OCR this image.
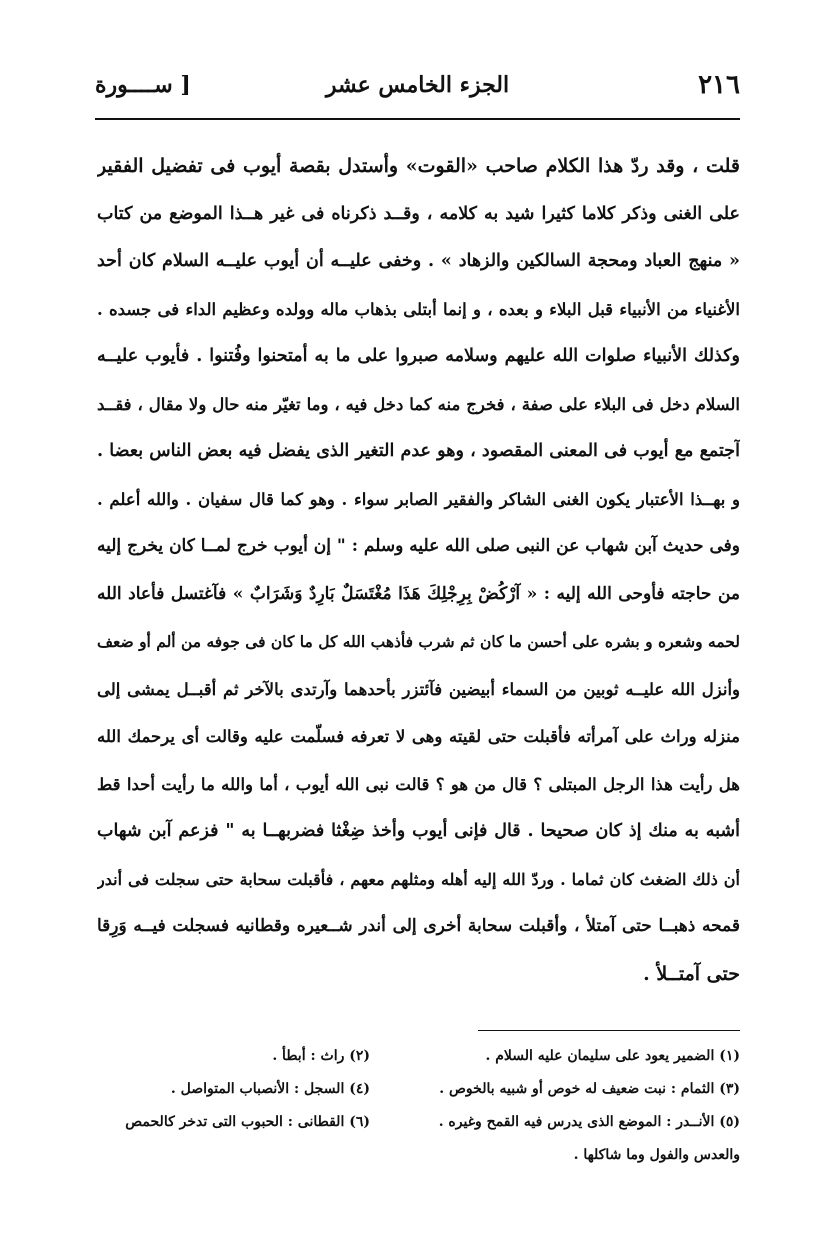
٢١٦
الجزء الخامس عشر
[ ســــورة
قلت ، وقد ردّ هذا الكلام صاحب «القوت» وأستدل بقصة أيوب فى تفضيل الفقير
على الغنى وذكر كلاما كثيرا شيد به كلامه ، وقــد ذكرناه فى غير هــذا الموضع من كتاب
« منهج العباد ومحجة السالكين والزهاد » . وخفى عليــه أن أيوب عليــه السلام كان أحد
الأغنياء من الأنبياء قبل البلاء و بعده ، و إنما أبتلى بذهاب ماله وولده وعظيم الداء فى جسده .
وكذلك الأنبياء صلوات الله عليهم وسلامه صبروا على ما به أمتحنوا وفُتنوا . فأيوب عليــه
السلام دخل فى البلاء على صفة ، فخرج منه كما دخل فيه ، وما تغيّر منه حال ولا مقال ، فقــد
آجتمع مع أيوب فى المعنى المقصود ، وهو عدم التغير الذى يفضل فيه بعض الناس بعضا .
و بهــذا الأعتبار يكون الغنى الشاكر والفقير الصابر سواء . وهو كما قال سفيان . والله أعلم .
وفى حديث آبن شهاب عن النبى صلى الله عليه وسلم : " إن أيوب خرج لمــا كان يخرج إليه
من حاجته فأوحى الله إليه : « آرْكُضْ بِرِجْلِكَ هَذَا مُغْتَسَلٌ بَارِدٌ وَشَرَابٌ » فآغتسل فأعاد الله
لحمه وشعره و بشره على أحسن ما كان ثم شرب فأذهب الله كل ما كان فى جوفه من ألم أو ضعف
وأنزل الله عليــه ثوبين من السماء أبيضين فآئتزر بأحدهما وآرتدى بالآخر ثم أقبــل يمشى إلى
منزله وراث على آمرأته فأقبلت حتى لقيته وهى لا تعرفه فسلّمت عليه وقالت أى يرحمك الله
هل رأيت هذا الرجل المبتلى ؟ قال من هو ؟ قالت نبى الله أيوب ، أما والله ما رأيت أحدا قط
أشبه به منك إذ كان صحيحا . قال فإنى أيوب وأخذ ضِغْثا فضربهــا به " فزعم آبن شهاب
أن ذلك الضغث كان ثماما . وردّ الله إليه أهله ومثلهم معهم ، فأقبلت سحابة حتى سجلت فى أندر
قمحه ذهبــا حتى آمتلأ ، وأقبلت سحابة أخرى إلى أندر شــعيره وقطانيه فسجلت فيــه وَرِقا
حتى آمتــلأ .
(١) الضمير يعود على سليمان عليه السلام .
(٢) راث : أبطأ .
(٣) الثمام : نبت ضعيف له خوص أو شبيه بالخوص .
(٤) السجل : الأنصباب المتواصل .
(٥) الأنــدر : الموضع الذى يدرس فيه القمح وغيره .
(٦) القطانى : الحبوب التى تدخر كالحمص
والعدس والفول وما شاكلها .
